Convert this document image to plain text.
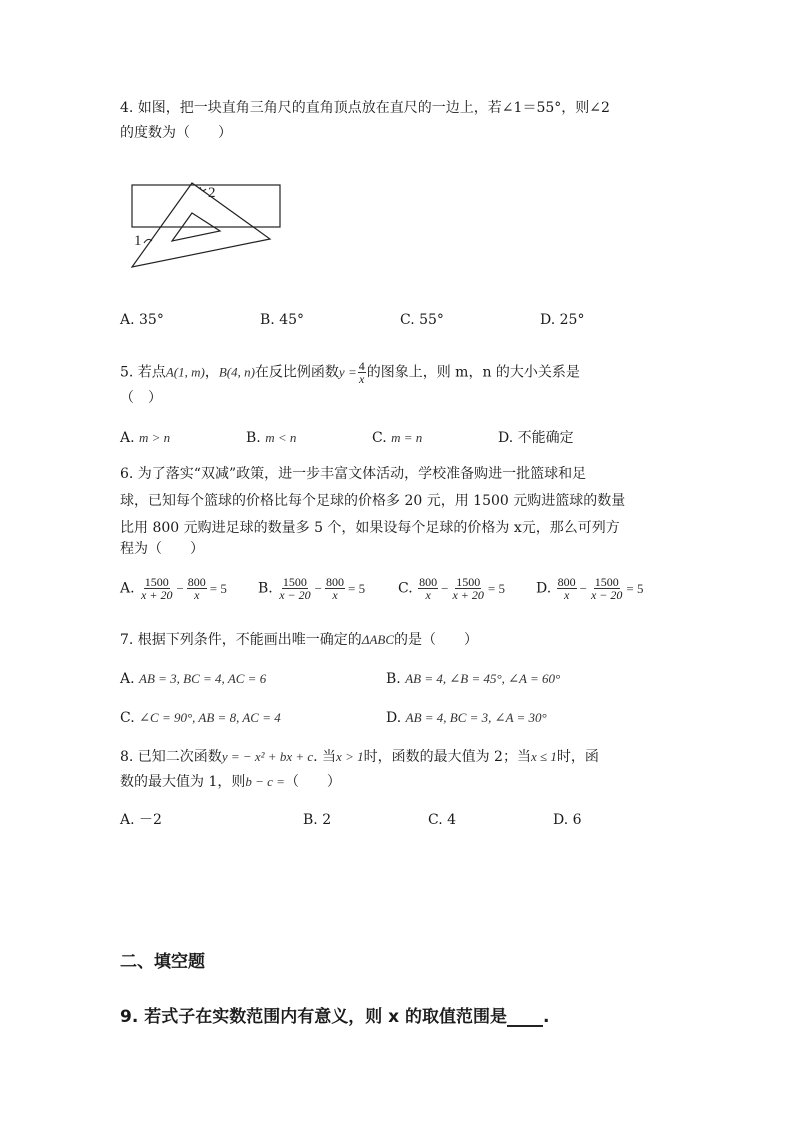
4. 如图，把一块直角三角尺的直角顶点放在直尺的一边上，若∠1＝55°，则∠2
的度数为（　　）
1
2
A. 35°	B. 45°	C. 55°	D. 25°
5. 若点A(1, m)，B(4, n)在反比例函数$y = \frac{4}{x}$ 的图象上，则 m，n 的大小关系是
（　）
A. m > n	B. m < n	C. m = n	D. 不能确定
6. 为了落实“双减”政策，进一步丰富文体活动，学校准备购进一批篮球和足
球，已知每个篮球的价格比每个足球的价格多 20 元，用 1500 元购进篮球的数量
比用 800 元购进足球的数量多 5 个，如果设每个足球的价格为 x元，那么可列方
程为（　　）
A. $\frac{1500}{x + 20} - \frac{800}{x} = 5$ B. $\frac{1500}{x - 20} - \frac{800}{x} = 5$ C. $\frac{800}{x} - \frac{1500}{x + 20} = 5$ D. $\frac{800}{x} - \frac{1500}{x - 20} = 5$
7. 根据下列条件，不能画出唯一确定的ΔABC的是（　　）
A. AB = 3, BC = 4, AC = 6	B. AB = 4, ∠B = 45°, ∠A = 60°
C. ∠C = 90°, AB = 8, AC = 4	D. AB = 4, BC = 3, ∠A = 30°
8. 已知二次函数y = − x² + bx + c. 当x > 1时，函数的最大值为 2；当x ≤ 1时，函
数的最大值为 1，则b − c =（　　）
A. －2	B. 2	C. 4	D. 6
二、填空题
9. 若式子在实数范围内有意义，则 x 的取值范围是 .
